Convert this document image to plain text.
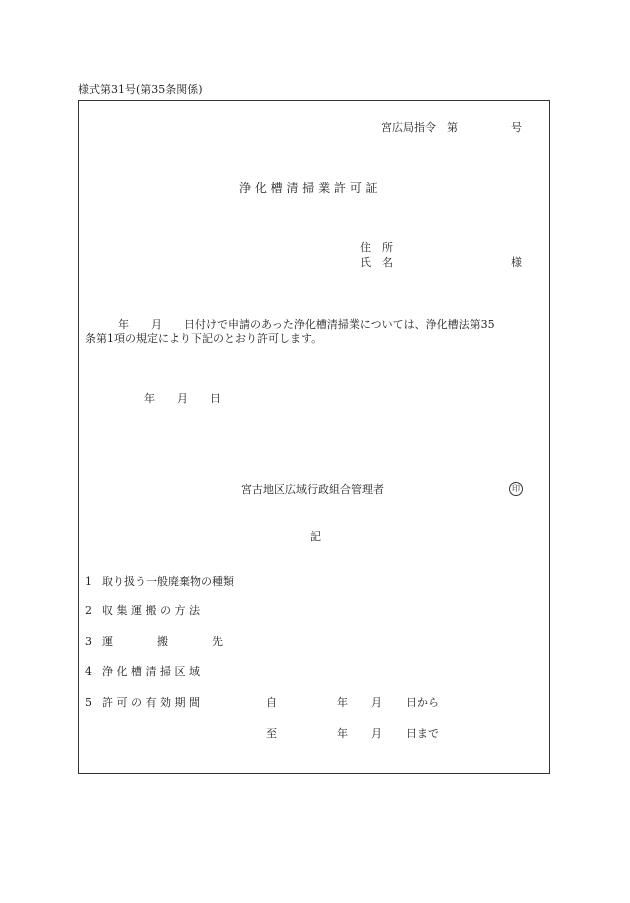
様式第31号(第35条関係)
宮広局指令　第	号
浄 化 槽 清 掃 業 許 可 証
住　所
氏　名	様
　　　年　　月　　日付けで申請のあった浄化槽清掃業については、浄化槽法第35
条第1項の規定により下記のとおり許可します。
年　　月　　日
宮古地区広域行政組合管理者	印
記
1 取り扱う一般廃棄物の種類
2 収 集 運 搬 の 方 法
3 運　　　　搬　　　　先
4 浄 化 槽 清 掃 区 域
5 許 可 の 有 効 期 間	自	年 月 日から
至	年 月 日まで
